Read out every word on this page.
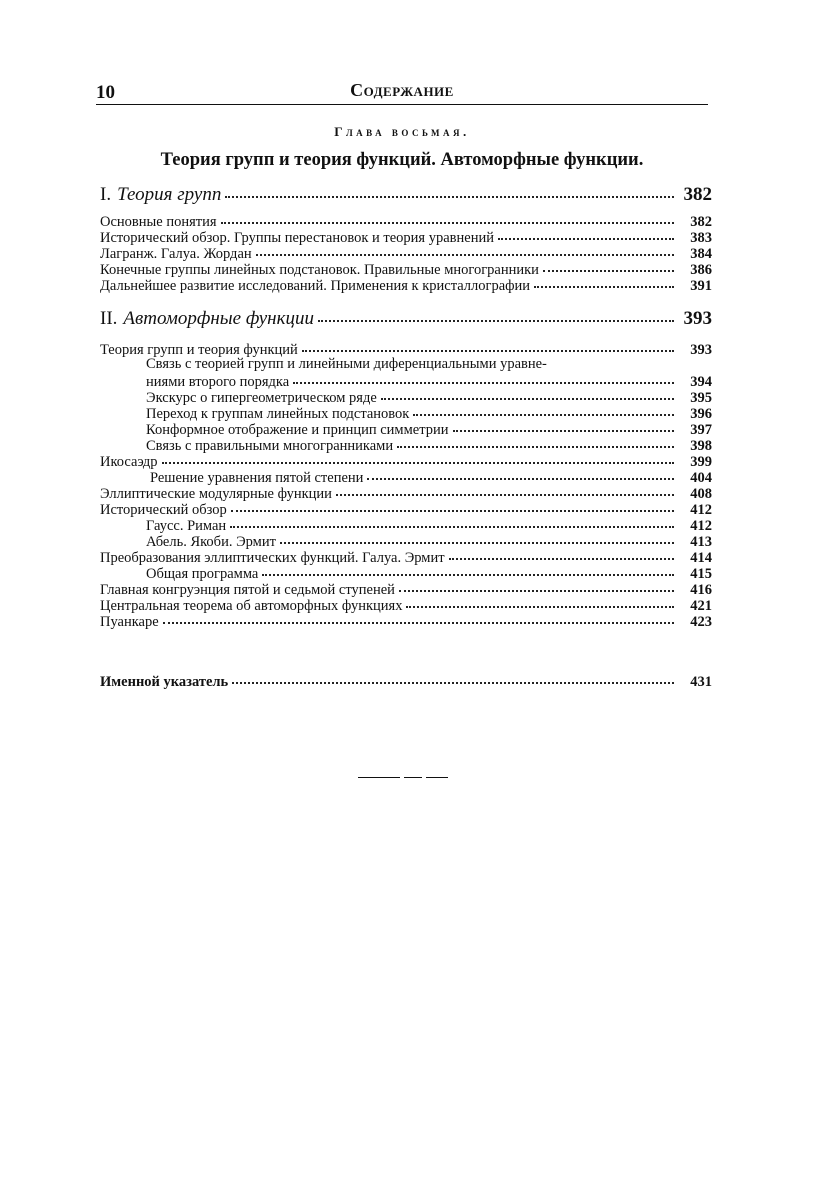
10	Содержание
Глава восьмая.
Теория групп и теория функций. Автоморфные функции.
I. Теория групп	382
Основные понятия	382
Исторический обзор. Группы перестановок и теория уравнений	383
Лагранж. Галуа. Жордан	384
Конечные группы линейных подстановок. Правильные многогранники	386
Дальнейшее развитие исследований. Применения к кристаллографии	391
II. Автоморфные функции	393
Теория групп и теория функций	393
Связь с теорией групп и линейными диференциальными уравне-
ниями второго порядка	394
Экскурс о гипергеометрическом ряде	395
Переход к группам линейных подстановок	396
Конформное отображение и принцип симметрии	397
Связь с правильными многогранниками	398
Икосаэдр	399
Решение уравнения пятой степени	404
Эллиптические модулярные функции	408
Исторический обзор	412
Гаусс. Риман	412
Абель. Якоби. Эрмит	413
Преобразования эллиптических функций. Галуа. Эрмит	414
Общая программа	415
Главная конгруэнция пятой и седьмой ступеней	416
Центральная теорема об автоморфных функциях	421
Пуанкаре	423
Именной указатель	431
